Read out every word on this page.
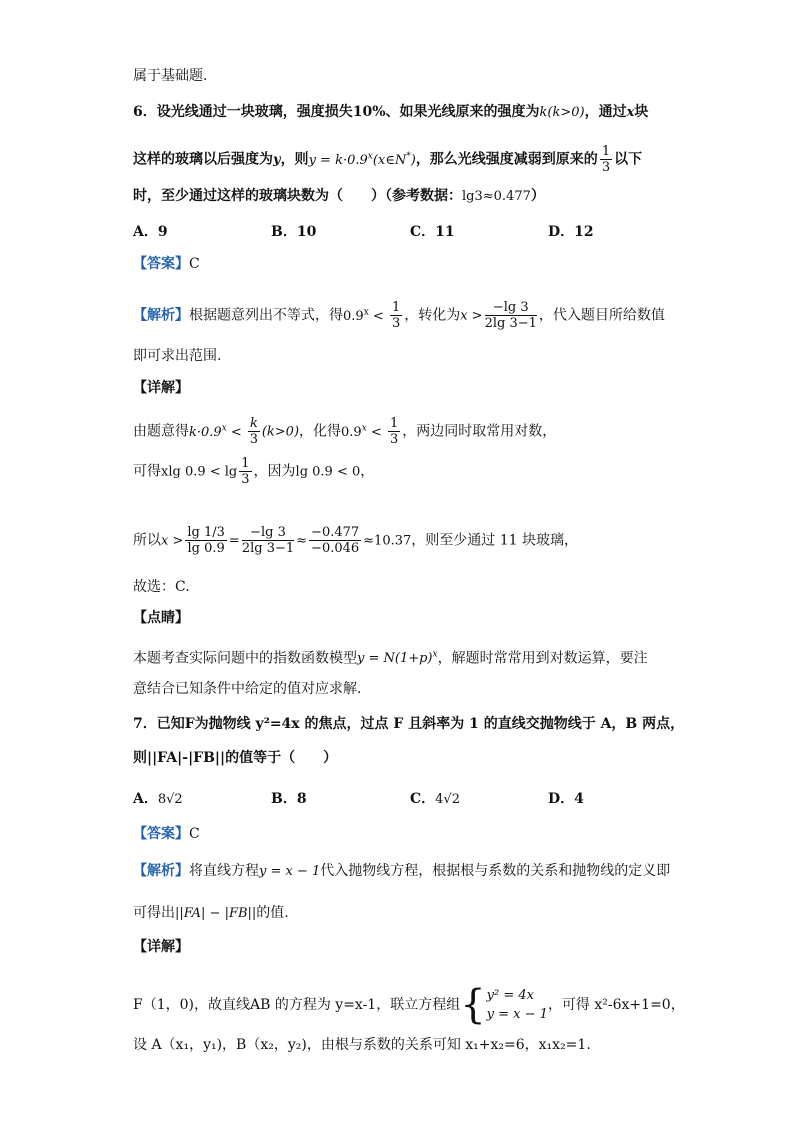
属于基础题.
6．设光线通过一块玻璃，强度损失10%、如果光线原来的强度为k(k>0)，通过x块
这样的玻璃以后强度为y，则$y = k\cdot 0.9^x(x\in N^*)$，那么光线强度减弱到原来的 $\frac{1}{3}$ 以下
时，至少通过这样的玻璃块数为（　　）（参考数据：lg3≈0.477）
A．9	B．10	C．11	D．12
【答案】C
【解析】根据题意列出不等式，得$0.9^x < \frac{1}{3}$ ，转化为$x > \frac{-\lg 3}{2\lg 3-1}$ ，代入题目所给数值
即可求出范围.
【详解】
由题意得$k\cdot 0.9^x < \frac{k}{3} (k>0)$，化得$0.9^x < \frac{1}{3}$ ，两边同时取常用对数，
可得xlg $0.9 < \lg \frac{1}{3}$ ，因为lg 0.9 < 0，
所以$x > \frac{\lg 1/3}{\lg 0.9} = \frac{-\lg 3}{2\lg 3-1} \approx \frac{-0.477}{-0.046} \approx 10.37$，则至少通过 11 块玻璃，
故选：C.
【点睛】
本题考查实际问题中的指数函数模型$y = N(1+p)^x$，解题时常常用到对数运算，要注
意结合已知条件中给定的值对应求解.
7．已知F为抛物线 y²=4x 的焦点，过点 F 且斜率为 1 的直线交抛物线于 A，B 两点，
则||FA|-|FB||的值等于（　　）
A．8√2	B．8	C．4√2	D．4
【答案】C
【解析】将直线方程y = x − 1代入抛物线方程，根据根与系数的关系和抛物线的定义即
可得出||FA| − |FB||的值.
【详解】
F（1，0)，故直线AB 的方程为 y=x-1，联立方程组{ y² = 4x
y = x − 1
，可得 x²-6x+1=0，
设 A（x₁，y₁)，B（x₂，y₂)，由根与系数的关系可知 x₁+x₂=6，x₁x₂=1.
